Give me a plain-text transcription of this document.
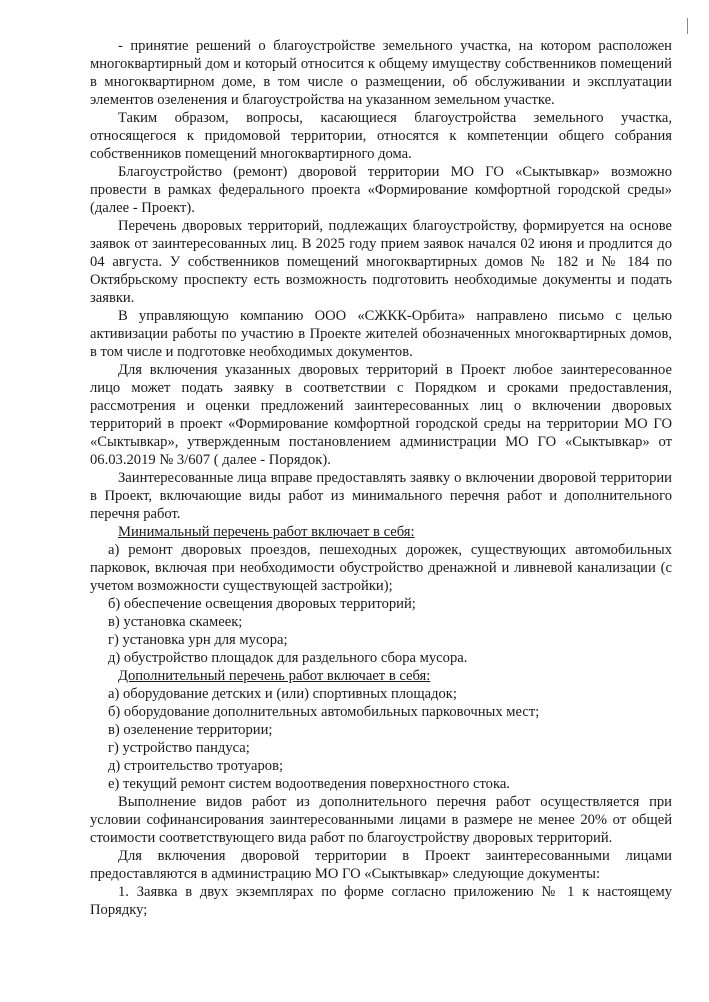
- принятие решений о благоустройстве земельного участка, на котором расположен многоквартирный дом и который относится к общему имуществу собственников помещений в многоквартирном доме, в том числе о размещении, об обслуживании и эксплуатации элементов озеленения и благоустройства на указанном земельном участке.

Таким образом, вопросы, касающиеся благоустройства земельного участка, относящегося к придомовой территории, относятся к компетенции общего собрания собственников помещений многоквартирного дома.

Благоустройство (ремонт) дворовой территории МО ГО «Сыктывкар» возможно провести в рамках федерального проекта «Формирование комфортной городской среды» (далее - Проект).

Перечень дворовых территорий, подлежащих благоустройству, формируется на основе заявок от заинтересованных лиц. В 2025 году прием заявок начался 02 июня и продлится до 04 августа. У собственников помещений многоквартирных домов № 182 и № 184 по Октябрьскому проспекту есть возможность подготовить необходимые документы и подать заявки.

В управляющую компанию ООО «СЖКК-Орбита» направлено письмо с целью активизации работы по участию в Проекте жителей обозначенных многоквартирных домов, в том числе и подготовке необходимых документов.

Для включения указанных дворовых территорий в Проект любое заинтересованное лицо может подать заявку в соответствии с Порядком и сроками предоставления, рассмотрения и оценки предложений заинтересованных лиц о включении дворовых территорий в проект «Формирование комфортной городской среды на территории МО ГО «Сыктывкар», утвержденным постановлением администрации МО ГО «Сыктывкар» от 06.03.2019 № 3/607 ( далее - Порядок).

Заинтересованные лица вправе предоставлять заявку о включении дворовой территории в Проект, включающие виды работ из минимального перечня работ и дополнительного перечня работ.

Минимальный перечень работ включает в себя:

а) ремонт дворовых проездов, пешеходных дорожек, существующих автомобильных парковок, включая при необходимости обустройство дренажной и ливневой канализации (с учетом возможности существующей застройки);

б) обеспечение освещения дворовых территорий;

в) установка скамеек;

г) установка урн для мусора;

д) обустройство площадок для раздельного сбора мусора.

Дополнительный перечень работ включает в себя:

а) оборудование детских и (или) спортивных площадок;

б) оборудование дополнительных автомобильных парковочных мест;

в) озеленение территории;

г) устройство пандуса;

д) строительство тротуаров;

е) текущий ремонт систем водоотведения поверхностного стока.

Выполнение видов работ из дополнительного перечня работ осуществляется при условии софинансирования заинтересованными лицами в размере не менее 20% от общей стоимости соответствующего вида работ по благоустройству дворовых территорий.

Для включения дворовой территории в Проект заинтересованными лицами предоставляются в администрацию МО ГО «Сыктывкар» следующие документы:

1. Заявка в двух экземплярах по форме согласно приложению № 1 к настоящему Порядку;
